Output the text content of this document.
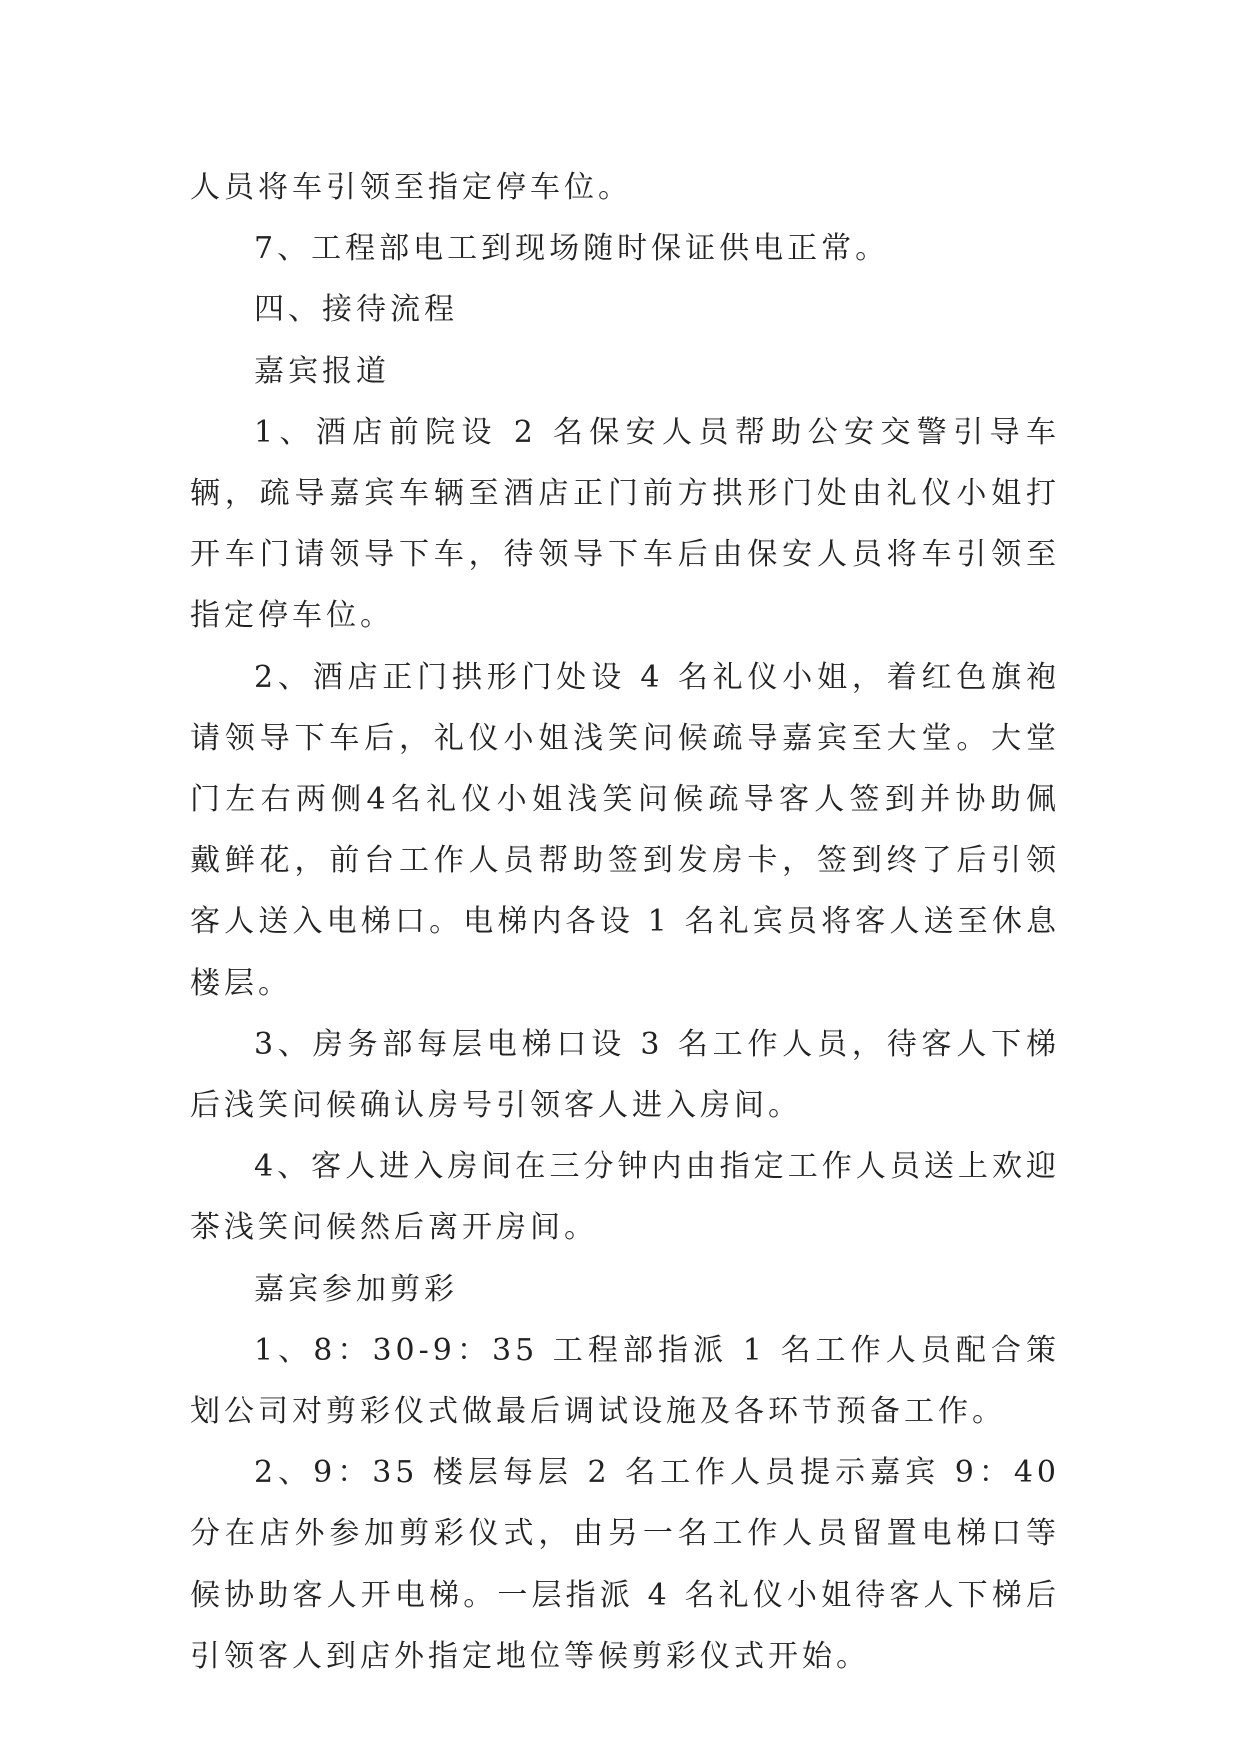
人员将车引领至指定停车位。

7、工程部电工到现场随时保证供电正常。

四、接待流程

嘉宾报道

1、酒店前院设 2 名保安人员帮助公安交警引导车辆，疏导嘉宾车辆至酒店正门前方拱形门处由礼仪小姐打开车门请领导下车，待领导下车后由保安人员将车引领至指定停车位。

2、酒店正门拱形门处设 4 名礼仪小姐，着红色旗袍请领导下车后，礼仪小姐浅笑问候疏导嘉宾至大堂。大堂门左右两侧4名礼仪小姐浅笑问候疏导客人签到并协助佩戴鲜花，前台工作人员帮助签到发房卡，签到终了后引领客人送入电梯口。电梯内各设 1 名礼宾员将客人送至休息楼层。

3、房务部每层电梯口设 3 名工作人员，待客人下梯后浅笑问候确认房号引领客人进入房间。

4、客人进入房间在三分钟内由指定工作人员送上欢迎茶浅笑问候然后离开房间。

嘉宾参加剪彩

1、8：30-9：35 工程部指派 1 名工作人员配合策划公司对剪彩仪式做最后调试设施及各环节预备工作。

2、9：35 楼层每层 2 名工作人员提示嘉宾 9：40 分在店外参加剪彩仪式，由另一名工作人员留置电梯口等候协助客人开电梯。一层指派 4 名礼仪小姐待客人下梯后引领客人到店外指定地位等候剪彩仪式开始。
